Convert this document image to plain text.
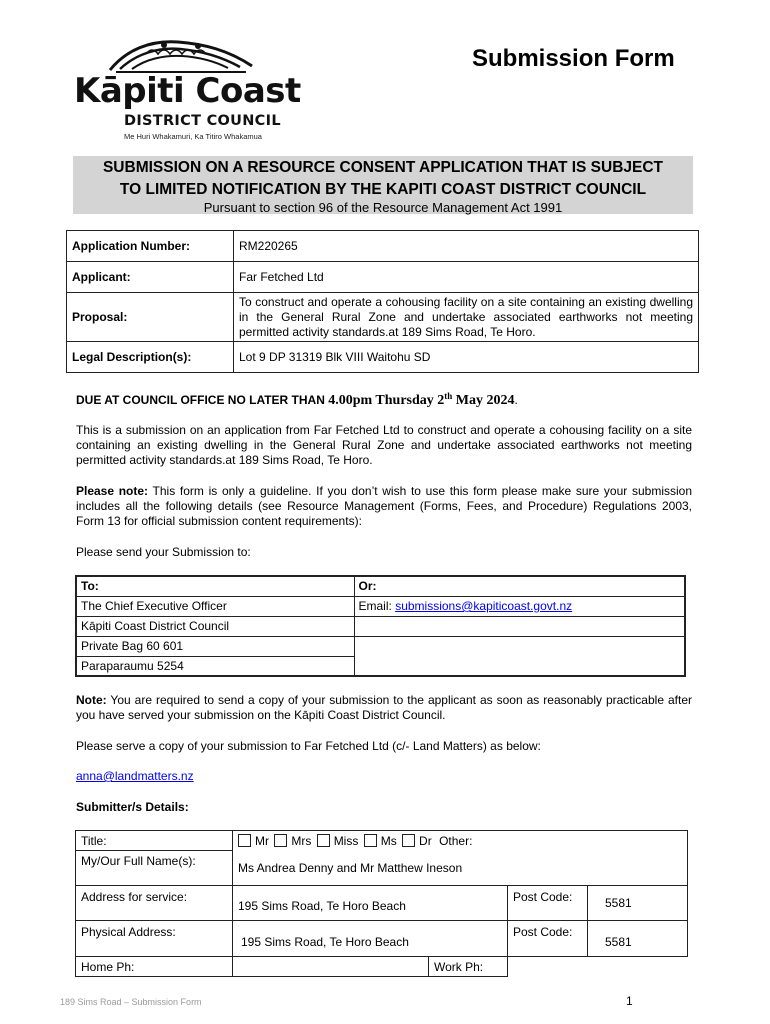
Kāpiti Coast
DISTRICT COUNCIL
Me Huri Whakamuri, Ka Titiro Whakamua
Submission Form
SUBMISSION ON A RESOURCE CONSENT APPLICATION THAT IS SUBJECT
TO LIMITED NOTIFICATION BY THE KAPITI COAST DISTRICT COUNCIL
Pursuant to section 96 of the Resource Management Act 1991
Application Number:	RM220265
Applicant:	Far Fetched Ltd
Proposal:	To construct and operate a cohousing facility on a site containing an existing dwelling in the General Rural Zone and undertake associated earthworks not meeting permitted activity standards.at 189 Sims Road, Te Horo.
Legal Description(s):	Lot 9 DP 31319 Blk VIII Waitohu SD
DUE AT COUNCIL OFFICE NO LATER THAN 4.00pm Thursday 2th May 2024.
This is a submission on an application from Far Fetched Ltd to construct and operate a cohousing facility on a site containing an existing dwelling in the General Rural Zone and undertake associated earthworks not meeting permitted activity standards.at 189 Sims Road, Te Horo.
Please note: This form is only a guideline. If you don’t wish to use this form please make sure your submission includes all the following details (see Resource Management (Forms, Fees, and Procedure) Regulations 2003, Form 13 for official submission content requirements):
Please send your Submission to:
To:	Or:
The Chief Executive Officer	Email: submissions@kapiticoast.govt.nz
Kāpiti Coast District Council	
Private Bag 60 601	
Paraparaumu 5254	
Note: You are required to send a copy of your submission to the applicant as soon as reasonably practicable after you have served your submission on the Kāpiti Coast District Council.
Please serve a copy of your submission to Far Fetched Ltd (c/- Land Matters) as below:
anna@landmatters.nz
Submitter/s Details:
Title:	Mr Mrs Miss Ms Dr Other:			
My/Our Full Name(s):	Ms Andrea Denny and Mr Matthew Ineson			
Address for service:	195 Sims Road, Te Horo Beach		Post Code:	5581
Physical Address:	195 Sims Road, Te Horo Beach		Post Code:	5581
Home Ph:		Work Ph:		
189 Sims Road – Submission Form	1
